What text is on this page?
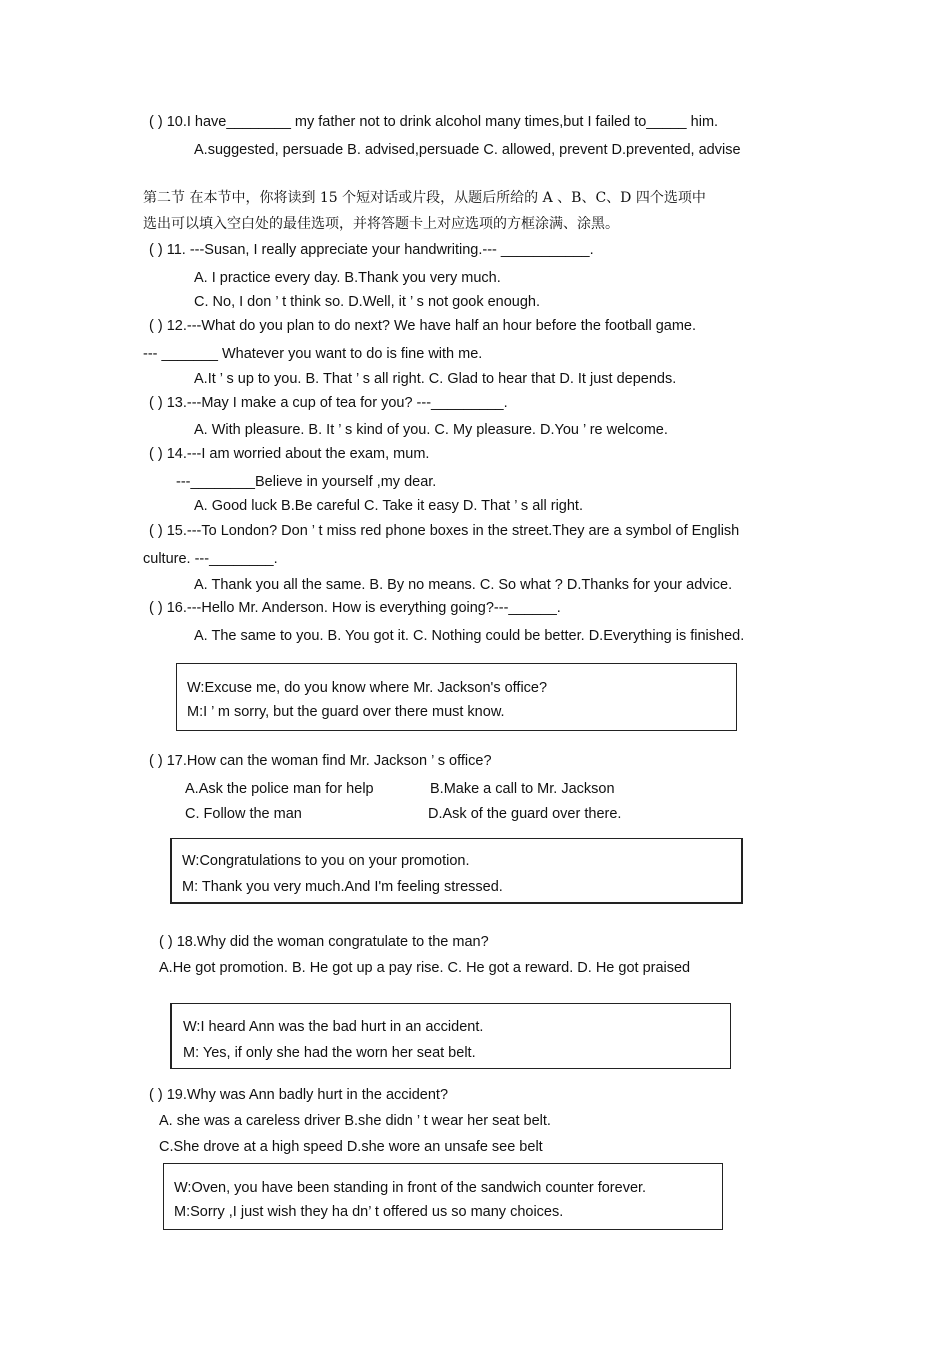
( ) 10.I have________ my father not to drink alcohol many times,but I failed to_____ him.
A.suggested, persuade B. advised,persuade C. allowed, prevent D.prevented, advise
第二节 在本节中，你将读到 15 个短对话或片段，从题后所给的 A 、B、C、D 四个选项中
选出可以填入空白处的最佳选项，并将答题卡上对应选项的方框涂满、涂黑。
( ) 11. ---Susan, I really appreciate your handwriting.--- ___________.
A. I practice every day. B.Thank you very much.
C. No, I don ’ t think so. D.Well, it ’ s not gook enough.
( ) 12.---What do you plan to do next? We have half an hour before the football game.
--- _______ Whatever you want to do is fine with me.
A.It ’ s up to you. B. That ’ s all right. C. Glad to hear that D. It just depends.
( ) 13.---May I make a cup of tea for you? ---_________.
A. With pleasure. B. It ’ s kind of you. C. My pleasure. D.You ’ re welcome.
( ) 14.---I am worried about the exam, mum.
---________Believe in yourself ,my dear.
A. Good luck B.Be careful C. Take it easy D. That ’ s all right.
( ) 15.---To London? Don ’ t miss red phone boxes in the street.They are a symbol of English
culture. ---________.
A. Thank you all the same. B. By no means. C. So what ? D.Thanks for your advice.
( ) 16.---Hello Mr. Anderson. How is everything going?---______.
A. The same to you. B. You got it. C. Nothing could be better. D.Everything is finished.
W:Excuse me, do you know where Mr. Jackson's office?
M:I ’ m sorry, but the guard over there must know.
( ) 17.How can the woman find Mr. Jackson ’ s office?
A.Ask the police man for help	B.Make a call to Mr. Jackson
C. Follow the man	D.Ask of the guard over there.
W:Congratulations to you on your promotion.
M: Thank you very much.And I'm feeling stressed.
( ) 18.Why did the woman congratulate to the man?
A.He got promotion. B. He got up a pay rise. C. He got a reward. D. He got praised
W:I heard Ann was the bad hurt in an accident.
M: Yes, if only she had the worn her seat belt.
( ) 19.Why was Ann badly hurt in the accident?
A. she was a careless driver B.she didn ’ t wear her seat belt.
C.She drove at a high speed D.she wore an unsafe see belt
W:Oven, you have been standing in front of the sandwich counter forever.
M:Sorry ,I just wish they ha dn’ t offered us so many choices.
